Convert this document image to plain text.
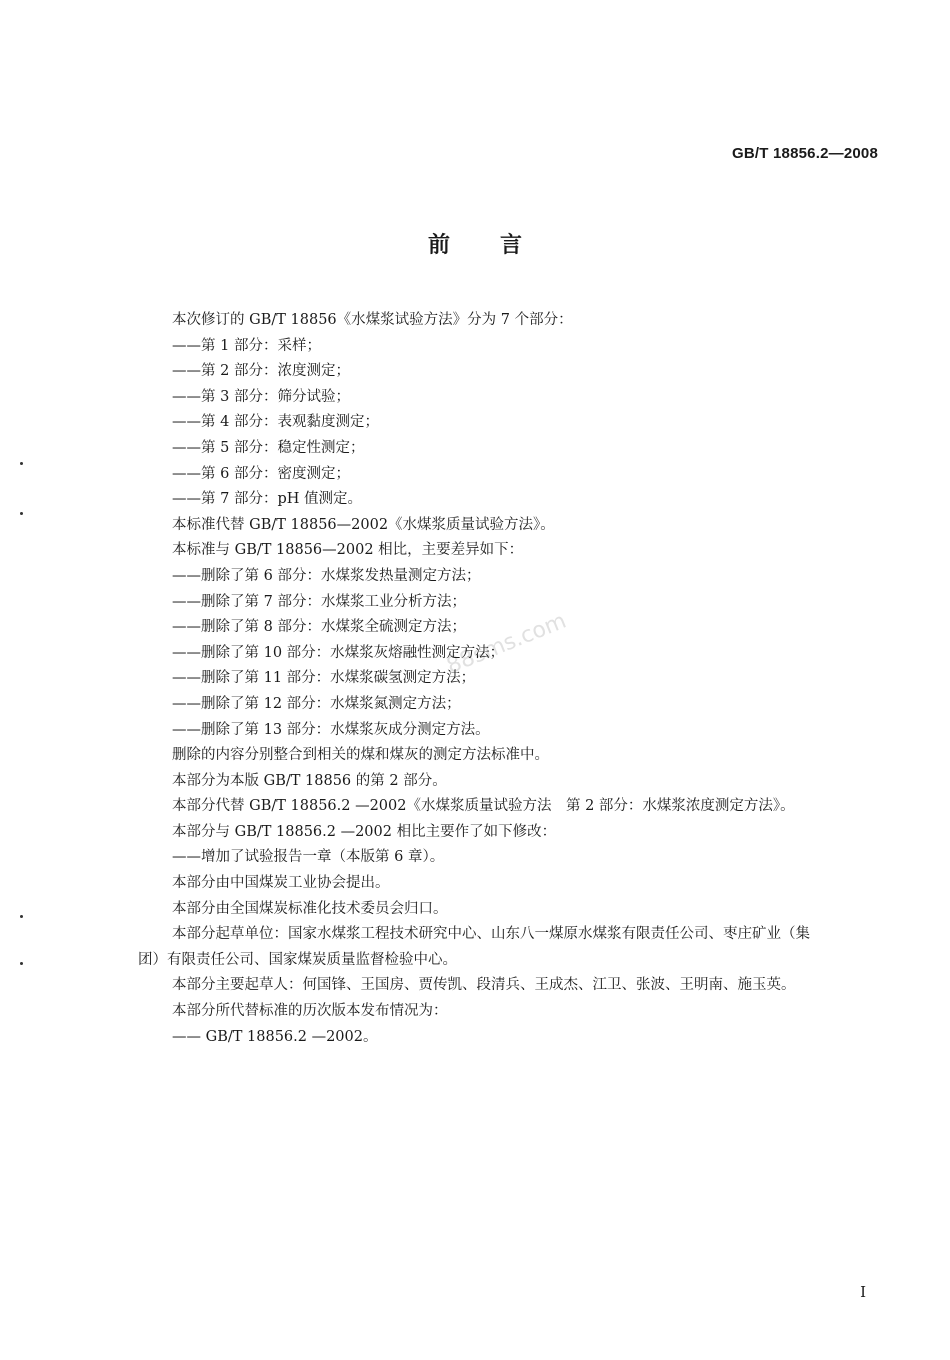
GB/T 18856.2—2008
前言
88sms.com
本次修订的 GB/T 18856《水煤浆试验方法》分为 7 个部分：
——第 1 部分：采样；
——第 2 部分：浓度测定；
——第 3 部分：筛分试验；
——第 4 部分：表观黏度测定；
——第 5 部分：稳定性测定；
——第 6 部分：密度测定；
——第 7 部分：pH 值测定。
本标准代替 GB/T 18856—2002《水煤浆质量试验方法》。
本标准与 GB/T 18856—2002 相比，主要差异如下：
——删除了第 6 部分：水煤浆发热量测定方法；
——删除了第 7 部分：水煤浆工业分析方法；
——删除了第 8 部分：水煤浆全硫测定方法；
——删除了第 10 部分：水煤浆灰熔融性测定方法；
——删除了第 11 部分：水煤浆碳氢测定方法；
——删除了第 12 部分：水煤浆氮测定方法；
——删除了第 13 部分：水煤浆灰成分测定方法。
删除的内容分别整合到相关的煤和煤灰的测定方法标准中。
本部分为本版 GB/T 18856 的第 2 部分。
本部分代替 GB/T 18856.2 —2002《水煤浆质量试验方法　第 2 部分：水煤浆浓度测定方法》。
本部分与 GB/T 18856.2 —2002 相比主要作了如下修改：
——增加了试验报告一章（本版第 6 章）。
本部分由中国煤炭工业协会提出。
本部分由全国煤炭标准化技术委员会归口。
本部分起草单位：国家水煤浆工程技术研究中心、山东八一煤原水煤浆有限责任公司、枣庄矿业（集
团）有限责任公司、国家煤炭质量监督检验中心。
本部分主要起草人：何国锋、王国房、贾传凯、段清兵、王成杰、江卫、张波、王明南、施玉英。
本部分所代替标准的历次版本发布情况为：
—— GB/T 18856.2 —2002。
I
